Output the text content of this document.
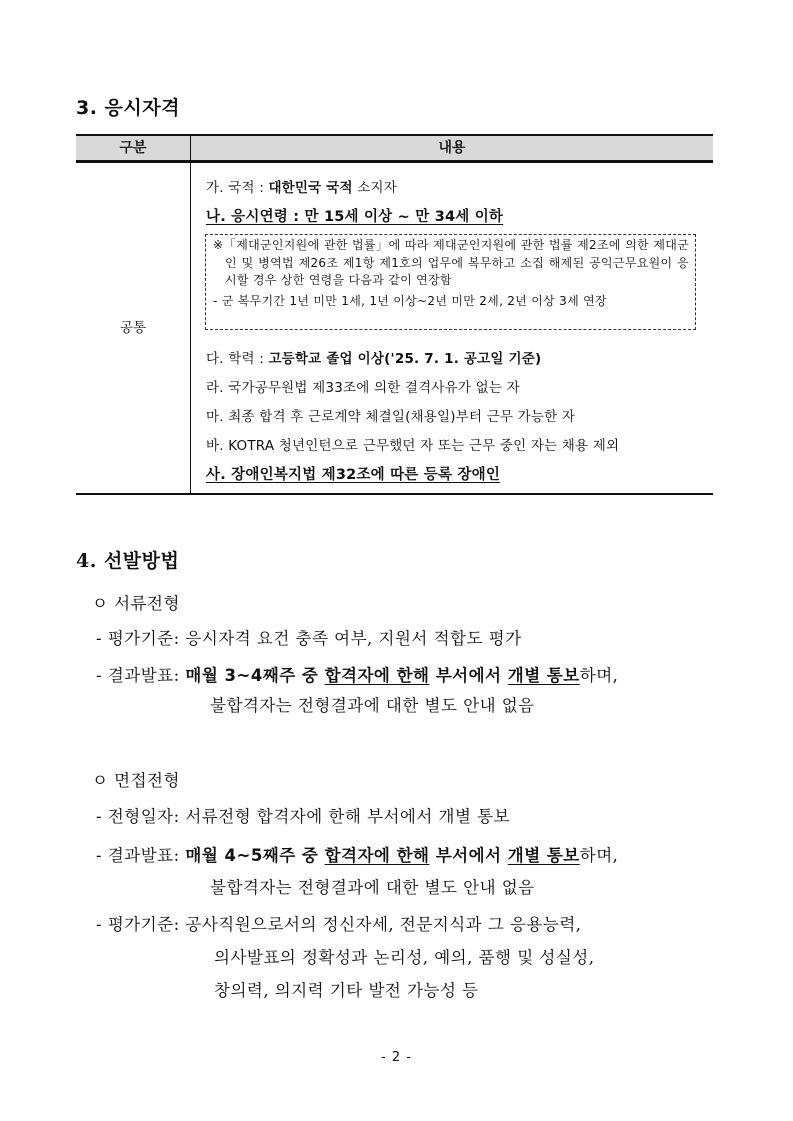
3. 응시자격
구분	내용
공통
가. 국적 : 대한민국 국적 소지자
나. 응시연령 : 만 15세 이상 ~ 만 34세 이하
※「제대군인지원에 관한 법률」에 따라 제대군인지원에 관한 법률 제2조에 의한 제대군인 및 병역법 제26조 제1항 제1호의 업무에 복무하고 소집 해제된 공익근무요원이 응시할 경우 상한 연령을 다음과 같이 연장함
- 군 복무기간 1년 미만 1세, 1년 이상~2년 미만 2세, 2년 이상 3세 연장
다. 학력 : 고등학교 졸업 이상('25. 7. 1. 공고일 기준)
라. 국가공무원법 제33조에 의한 결격사유가 없는 자
마. 최종 합격 후 근로계약 체결일(채용일)부터 근무 가능한 자
바. KOTRA 청년인턴으로 근무했던 자 또는 근무 중인 자는 채용 제외
사. 장애인복지법 제32조에 따른 등록 장애인
4. 선발방법
ㅇ 서류전형
- 평가기준: 응시자격 요건 충족 여부, 지원서 적합도 평가
- 결과발표: 매월 3~4째주 중 합격자에 한해 부서에서 개별 통보하며,
불합격자는 전형결과에 대한 별도 안내 없음
ㅇ 면접전형
- 전형일자: 서류전형 합격자에 한해 부서에서 개별 통보
- 결과발표: 매월 4~5째주 중 합격자에 한해 부서에서 개별 통보하며,
불합격자는 전형결과에 대한 별도 안내 없음
- 평가기준: 공사직원으로서의 정신자세, 전문지식과 그 응용능력,
의사발표의 정확성과 논리성, 예의, 품행 및 성실성,
창의력, 의지력 기타 발전 가능성 등
- 2 -
